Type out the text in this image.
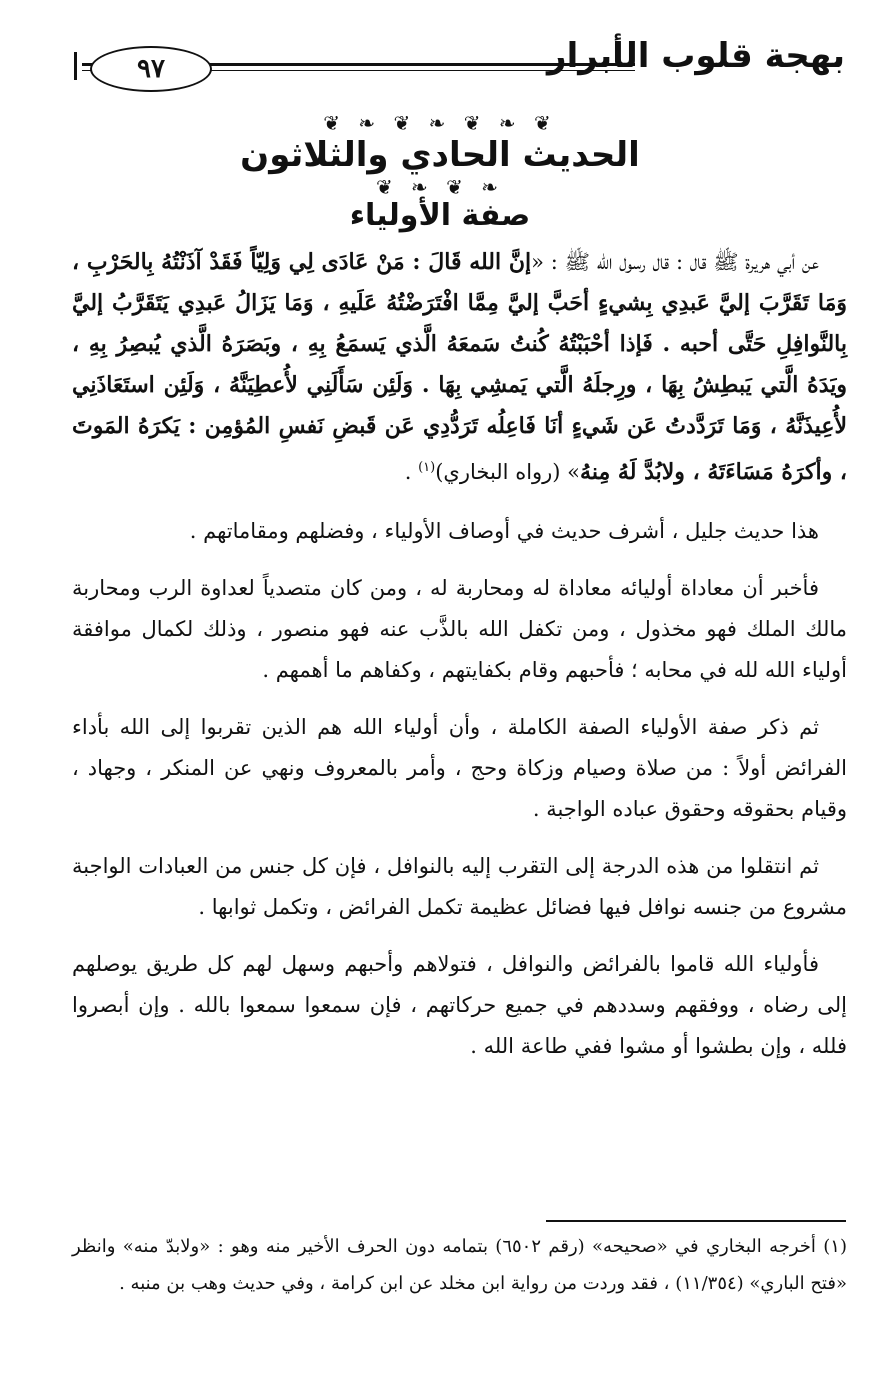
٩٧	بهجة قلوب الأبرار
❦ ❧ ❦ ❧ ❦ ❧ ❦
الحديث الحادي والثلاثون
❦ ❧ ❦ ❧
صفة الأولياء

عن أبي هريرة ﷺ قال : قال رسول الله ﷺ : «إنَّ الله قَالَ : مَنْ عَادَى لِي وَلِيّاً فَقَدْ آذَنْتُهُ بِالحَرْبِ ، وَمَا تَقَرَّبَ إليَّ عَبدِي بِشيءٍ أحَبَّ إليَّ مِمَّا افْتَرَضْتُهُ عَلَيهِ ، وَمَا يَزَالُ عَبدِي يَتَقَرَّبُ إليَّ بِالنَّوافِلِ حَتَّى أحبه . فَإذا أحْبَبْتُهُ كُنتُ سَمعَهُ الَّذي يَسمَعُ بِهِ ، وبَصَرَهُ الَّذي يُبصِرُ بِهِ ، ويَدَهُ الَّتي يَبطِشُ بِهَا ، ورِجلَهُ الَّتي يَمشِي بِهَا . وَلَئِن سَأَلَنِي لأُعطِيَنَّهُ ، وَلَئِن استَعَاذَنِي لأُعِيذَنَّهُ ، وَمَا تَرَدَّدتُ عَن شَيءٍ أنَا فَاعِلُه تَرَدُّدِي عَن قَبضِ نَفسِ المُؤمِن : يَكرَهُ المَوتَ ، وأكرَهُ مَسَاءَتَهُ ، ولابُدَّ لَهُ مِنهُ» (رواه البخاري)$^{(١)}$ .

هذا حديث جليل ، أشرف حديث في أوصاف الأولياء ، وفضلهم ومقاماتهم .

فأخبر أن معاداة أوليائه معاداة له ومحاربة له ، ومن كان متصدياً لعداوة الرب ومحاربة مالك الملك فهو مخذول ، ومن تكفل الله بالذَّب عنه فهو منصور ، وذلك لكمال موافقة أولياء الله لله في محابه ؛ فأحبهم وقام بكفايتهم ، وكفاهم ما أهمهم .

ثم ذكر صفة الأولياء الصفة الكاملة ، وأن أولياء الله هم الذين تقربوا إلى الله بأداء الفرائض أولاً : من صلاة وصيام وزكاة وحج ، وأمر بالمعروف ونهي عن المنكر ، وجهاد ، وقيام بحقوقه وحقوق عباده الواجبة .

ثم انتقلوا من هذه الدرجة إلى التقرب إليه بالنوافل ، فإن كل جنس من العبادات الواجبة مشروع من جنسه نوافل فيها فضائل عظيمة تكمل الفرائض ، وتكمل ثوابها .

فأولياء الله قاموا بالفرائض والنوافل ، فتولاهم وأحبهم وسهل لهم كل طريق يوصلهم إلى رضاه ، ووفقهم وسددهم في جميع حركاتهم ، فإن سمعوا سمعوا بالله . وإن أبصروا فلله ، وإن بطشوا أو مشوا ففي طاعة الله .

(١) أخرجه البخاري في «صحيحه» (رقم ٦٥٠٢) بتمامه دون الحرف الأخير منه وهو : «ولابدّ منه» وانظر «فتح الباري» (١١/٣٥٤) ، فقد وردت من رواية ابن مخلد عن ابن كرامة ، وفي حديث وهب بن منبه .
